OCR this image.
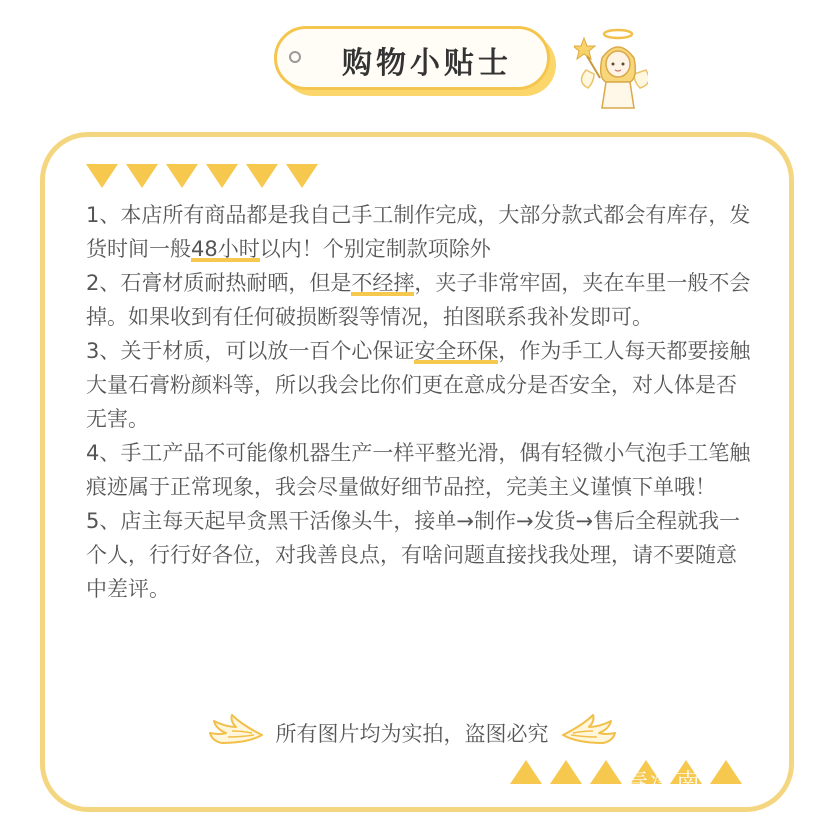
购物小贴士

1、本店所有商品都是我自己手工制作完成，大部分款式都会有库存，发货时间一般48小时以内！个别定制款项除外

2、石膏材质耐热耐晒，但是不经摔，夹子非常牢固，夹在车里一般不会掉。如果收到有任何破损断裂等情况，拍图联系我补发即可。

3、关于材质，可以放一百个心保证安全环保，作为手工人每天都要接触大量石膏粉颜料等，所以我会比你们更在意成分是否安全，对人体是否无害。

4、手工产品不可能像机器生产一样平整光滑，偶有轻微小气泡手工笔触痕迹属于正常现象，我会尽量做好细节品控，完美主义谨慎下单哦！

5、店主每天起早贪黑干活像头牛，接单→制作→发货→售后全程就我一个人，行行好各位，对我善良点，有啥问题直接找我处理，请不要随意中差评。

所有图片均为实拍，盗图必究
春泽南
